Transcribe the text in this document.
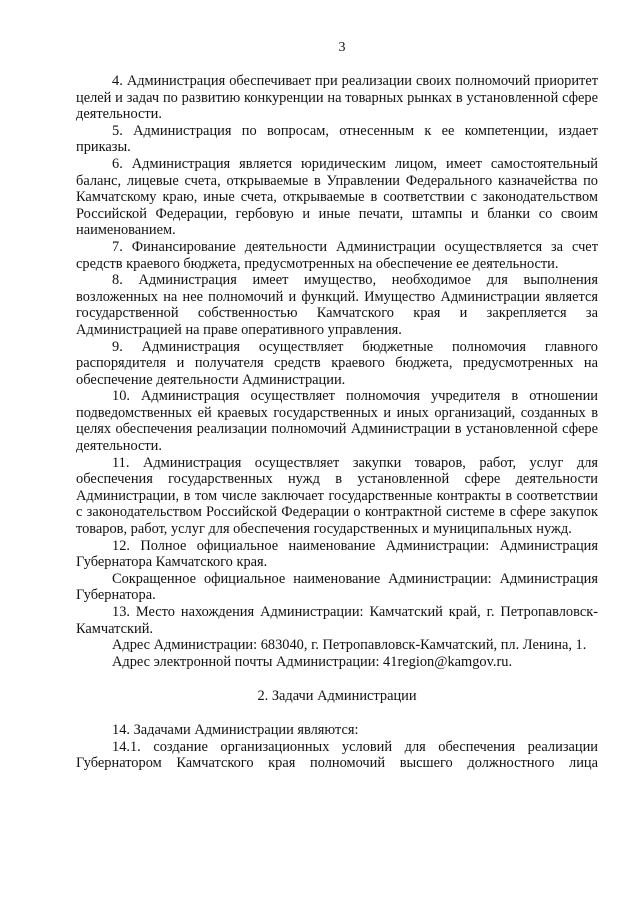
3

4. Администрация обеспечивает при реализации своих полномочий приоритет целей и задач по развитию конкуренции на товарных рынках в установленной сфере деятельности.

5. Администрация по вопросам, отнесенным к ее компетенции, издает приказы.

6. Администрация является юридическим лицом, имеет самостоятельный баланс, лицевые счета, открываемые в Управлении Федерального казначейства по Камчатскому краю, иные счета, открываемые в соответствии с законодательством Российской Федерации, гербовую и иные печати, штампы и бланки со своим наименованием.

7. Финансирование деятельности Администрации осуществляется за счет средств краевого бюджета, предусмотренных на обеспечение ее деятельности.

8. Администрация имеет имущество, необходимое для выполнения возложенных на нее полномочий и функций. Имущество Администрации является государственной собственностью Камчатского края и закрепляется за Администрацией на праве оперативного управления.

9. Администрация осуществляет бюджетные полномочия главного распорядителя и получателя средств краевого бюджета, предусмотренных на обеспечение деятельности Администрации.

10. Администрация осуществляет полномочия учредителя в отношении подведомственных ей краевых государственных и иных организаций, созданных в целях обеспечения реализации полномочий Администрации в установленной сфере деятельности.

11. Администрация осуществляет закупки товаров, работ, услуг для обеспечения государственных нужд в установленной сфере деятельности Администрации, в том числе заключает государственные контракты в соответствии с законодательством Российской Федерации о контрактной системе в сфере закупок товаров, работ, услуг для обеспечения государственных и муниципальных нужд.

12. Полное официальное наименование Администрации: Администрация Губернатора Камчатского края.

Сокращенное официальное наименование Администрации: Администрация Губернатора.

13. Место нахождения Администрации: Камчатский край, г. Петропавловск-Камчатский.

Адрес Администрации: 683040, г. Петропавловск-Камчатский, пл. Ленина, 1.

Адрес электронной почты Администрации: 41region@kamgov.ru.

2. Задачи Администрации

14. Задачами Администрации являются:

14.1. создание организационных условий для обеспечения реализации Губернатором Камчатского края полномочий высшего должностного лица
